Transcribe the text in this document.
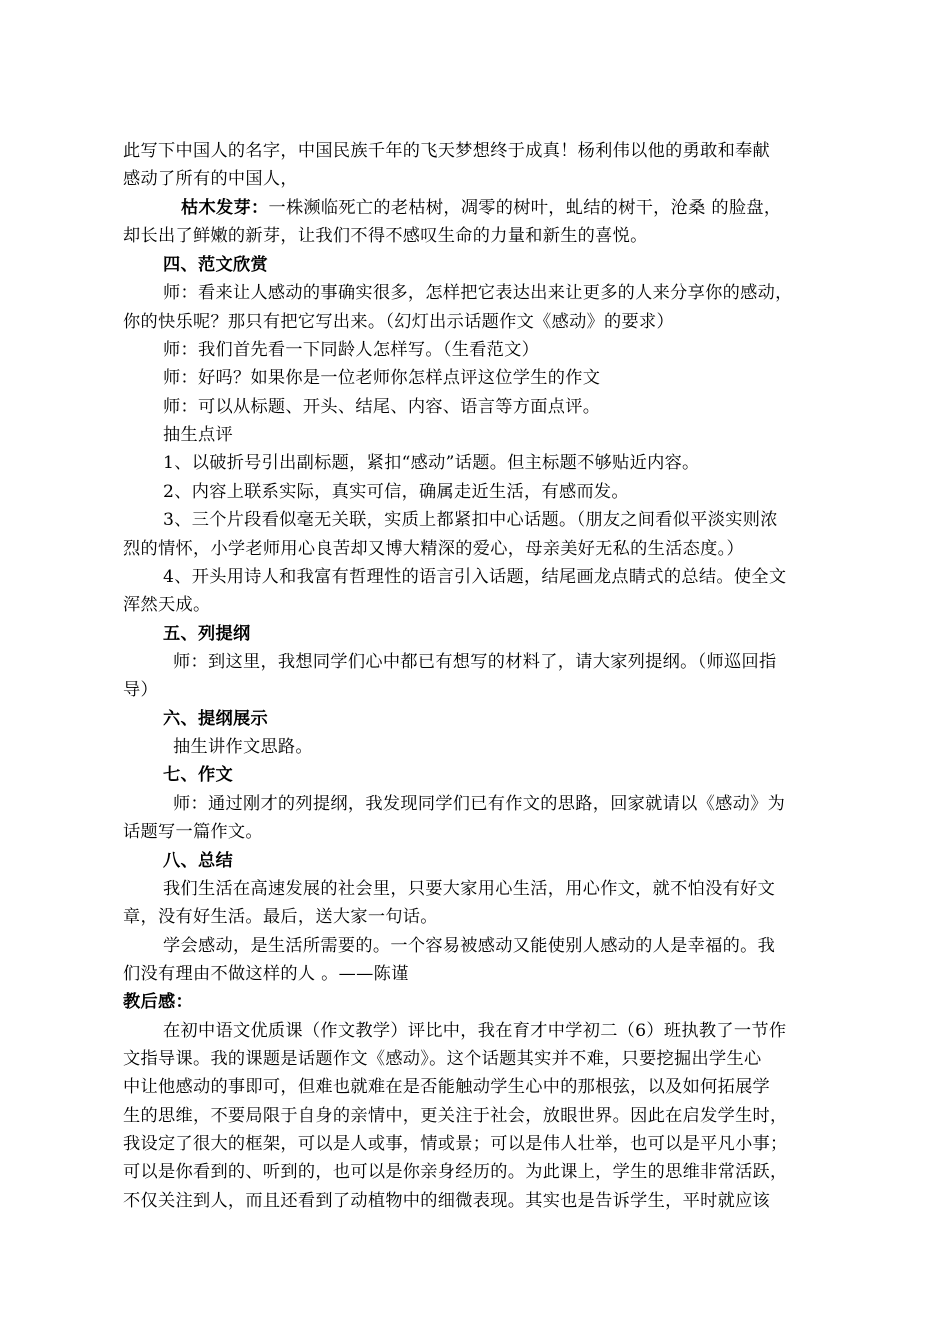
此写下中国人的名字，中国民族千年的飞天梦想终于成真！杨利伟以他的勇敢和奉献
感动了所有的中国人，
枯木发芽：一株濒临死亡的老枯树，凋零的树叶，虬结的树干，沧桑 的脸盘，
却长出了鲜嫩的新芽，让我们不得不感叹生命的力量和新生的喜悦。
四、范文欣赏
师：看来让人感动的事确实很多，怎样把它表达出来让更多的人来分享你的感动，
你的快乐呢？那只有把它写出来。（幻灯出示话题作文《感动》的要求）
师：我们首先看一下同龄人怎样写。（生看范文）
师：好吗？如果你是一位老师你怎样点评这位学生的作文
师：可以从标题、开头、结尾、内容、语言等方面点评。
抽生点评
1、以破折号引出副标题，紧扣“感动”话题。但主标题不够贴近内容。
2、内容上联系实际，真实可信，确属走近生活，有感而发。
3、三个片段看似毫无关联，实质上都紧扣中心话题。（朋友之间看似平淡实则浓
烈的情怀，小学老师用心良苦却又博大精深的爱心，母亲美好无私的生活态度。）
4、开头用诗人和我富有哲理性的语言引入话题，结尾画龙点睛式的总结。使全文
浑然天成。
五、列提纲
师：到这里，我想同学们心中都已有想写的材料了，请大家列提纲。（师巡回指
导）
六、提纲展示
抽生讲作文思路。
七、作文
师：通过刚才的列提纲，我发现同学们已有作文的思路，回家就请以《感动》为
话题写一篇作文。
八、总结
我们生活在高速发展的社会里，只要大家用心生活，用心作文，就不怕没有好文
章，没有好生活。最后，送大家一句话。
学会感动，是生活所需要的。一个容易被感动又能使别人感动的人是幸福的。我
们没有理由不做这样的人 。——陈谨
教后感：
在初中语文优质课（作文教学）评比中，我在育才中学初二（6）班执教了一节作
文指导课。我的课题是话题作文《感动》。这个话题其实并不难，只要挖掘出学生心
中让他感动的事即可，但难也就难在是否能触动学生心中的那根弦，以及如何拓展学
生的思维，不要局限于自身的亲情中，更关注于社会，放眼世界。因此在启发学生时，
我设定了很大的框架，可以是人或事，情或景；可以是伟人壮举，也可以是平凡小事；
可以是你看到的、听到的，也可以是你亲身经历的。为此课上，学生的思维非常活跃，
不仅关注到人，而且还看到了动植物中的细微表现。其实也是告诉学生，平时就应该
